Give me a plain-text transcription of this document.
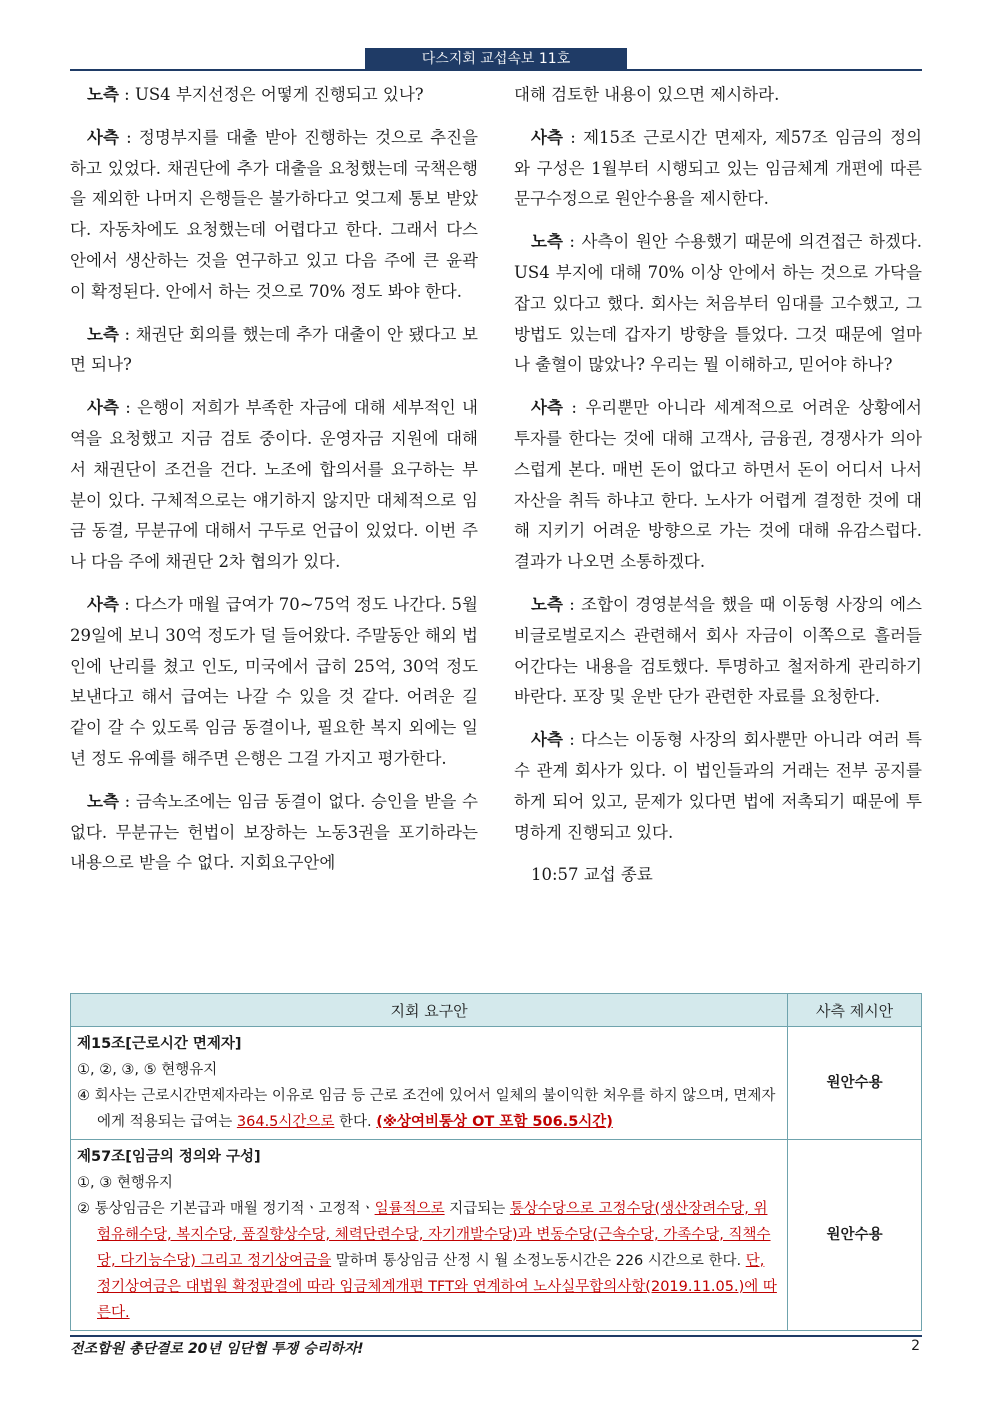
다스지회 교섭속보 11호

노측 : US4 부지선정은 어떻게 진행되고 있나?

사측 : 정명부지를 대출 받아 진행하는 것으로 추진을 하고 있었다. 채권단에 추가 대출을 요청했는데 국책은행을 제외한 나머지 은행들은 불가하다고 엊그제 통보 받았다. 자동차에도 요청했는데 어렵다고 한다. 그래서 다스 안에서 생산하는 것을 연구하고 있고 다음 주에 큰 윤곽이 확정된다. 안에서 하는 것으로 70% 정도 봐야 한다.

노측 : 채권단 회의를 했는데 추가 대출이 안 됐다고 보면 되나?

사측 : 은행이 저희가 부족한 자금에 대해 세부적인 내역을 요청했고 지금 검토 중이다. 운영자금 지원에 대해서 채권단이 조건을 건다. 노조에 합의서를 요구하는 부분이 있다. 구체적으로는 얘기하지 않지만 대체적으로 임금 동결, 무분규에 대해서 구두로 언급이 있었다. 이번 주나 다음 주에 채권단 2차 협의가 있다.

사측 : 다스가 매월 급여가 70~75억 정도 나간다. 5월 29일에 보니 30억 정도가 덜 들어왔다. 주말동안 해외 법인에 난리를 쳤고 인도, 미국에서 급히 25억, 30억 정도 보낸다고 해서 급여는 나갈 수 있을 것 같다. 어려운 길 같이 갈 수 있도록 임금 동결이나, 필요한 복지 외에는 일 년 정도 유예를 해주면 은행은 그걸 가지고 평가한다.

노측 : 금속노조에는 임금 동결이 없다. 승인을 받을 수 없다. 무분규는 헌법이 보장하는 노동3권을 포기하라는 내용으로 받을 수 없다. 지회요구안에

대해 검토한 내용이 있으면 제시하라.

사측 : 제15조 근로시간 면제자, 제57조 임금의 정의와 구성은 1월부터 시행되고 있는 임금체계 개편에 따른 문구수정으로 원안수용을 제시한다.

노측 : 사측이 원안 수용했기 때문에 의견접근 하겠다. US4 부지에 대해 70% 이상 안에서 하는 것으로 가닥을 잡고 있다고 했다. 회사는 처음부터 임대를 고수했고, 그 방법도 있는데 갑자기 방향을 틀었다. 그것 때문에 얼마나 출혈이 많았나? 우리는 뭘 이해하고, 믿어야 하나?

사측 : 우리뿐만 아니라 세계적으로 어려운 상황에서 투자를 한다는 것에 대해 고객사, 금융권, 경쟁사가 의아스럽게 본다. 매번 돈이 없다고 하면서 돈이 어디서 나서 자산을 취득 하냐고 한다. 노사가 어렵게 결정한 것에 대해 지키기 어려운 방향으로 가는 것에 대해 유감스럽다. 결과가 나오면 소통하겠다.

노측 : 조합이 경영분석을 했을 때 이동형 사장의 에스비글로벌로지스 관련해서 회사 자금이 이쪽으로 흘러들어간다는 내용을 검토했다. 투명하고 철저하게 관리하기 바란다. 포장 및 운반 단가 관련한 자료를 요청한다.

사측 : 다스는 이동형 사장의 회사뿐만 아니라 여러 특수 관계 회사가 있다. 이 법인들과의 거래는 전부 공지를 하게 되어 있고, 문제가 있다면 법에 저촉되기 때문에 투명하게 진행되고 있다.

10:57 교섭 종료
지회 요구안	사측 제시안

제15조[근로시간 면제자]
①, ②, ③, ⑤ 현행유지
④ 회사는 근로시간면제자라는 이유로 임금 등 근로 조건에 있어서 일체의 불이익한 처우를 하지 않으며, 면제자에게 적용되는 급여는 364.5시간으로 한다. (※상여비통상 OT 포함 506.5시간)	원안수용

제57조[임금의 정의와 구성]
①, ③ 현행유지
② 통상임금은 기본급과 매월 정기적ㆍ고정적ㆍ일률적으로 지급되는 통상수당으로 고정수당(생산장려수당, 위험유해수당, 복지수당, 품질향상수당, 체력단련수당, 자기개발수당)과 변동수당(근속수당, 가족수당, 직책수당, 다기능수당) 그리고 정기상여금을 말하며 통상임금 산정 시 월 소정노동시간은 226 시간으로 한다. 단, 정기상여금은 대법원 확정판결에 따라 임금체계개편 TFT와 연계하여 노사실무합의사항(2019.11.05.)에 따른다.	원안수용
전조합원 총단결로 20년 임단협 투쟁 승리하자!	2
